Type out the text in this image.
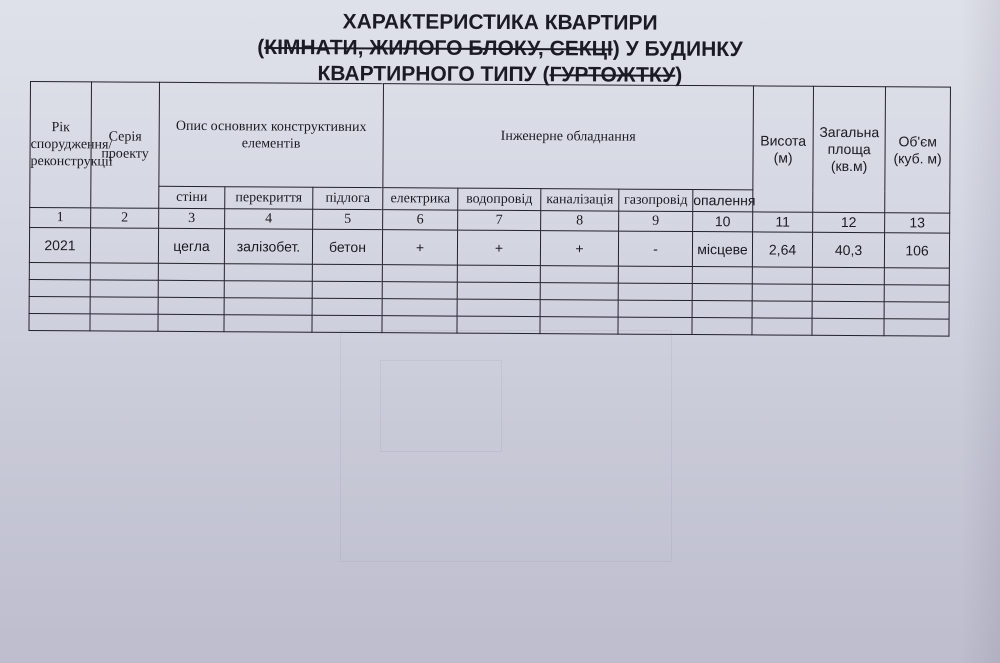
ХАРАКТЕРИСТИКА КВАРТИРИ
(КІМНАТИ, ЖИЛОГО БЛОКУ, СЕКЦІ) У БУДИНКУ
КВАРТИРНОГО ТИПУ (ГУРТОЖТКУ)
Рік спорудження/ реконструкції	Серія проекту	Опис основних конструктивних елементів			Інженерне обладнання					Висота (м)	Загальна площа (кв.м)	Об'єм (куб. м)
		стіни	перекриття	підлога	електрика	водопровід	каналізація	газопровід	опалення			
1	2	3	4	5	6	7	8	9	10	11	12	13
2021		цегла	залізобет.	бетон	+	+	+	-	місцеве	2,64	40,3	106
